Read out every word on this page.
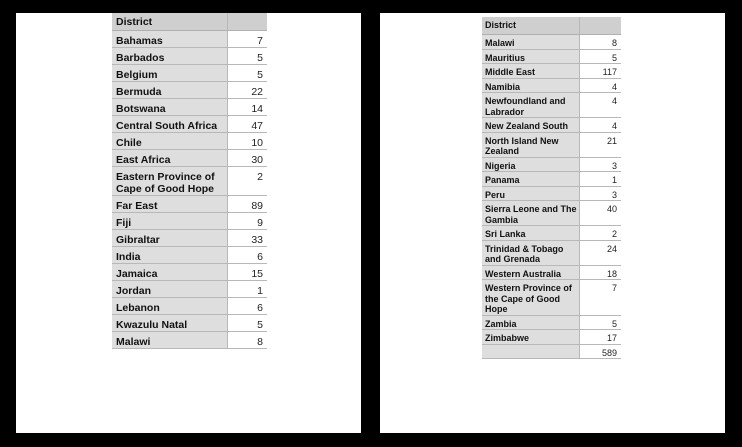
District	
Bahamas	7
Barbados	5
Belgium	5
Bermuda	22
Botswana	14
Central South Africa	47
Chile	10
East Africa	30
Eastern Province of Cape of Good Hope	2
Far East	89
Fiji	9
Gibraltar	33
India	6
Jamaica	15
Jordan	1
Lebanon	6
Kwazulu Natal	5
Malawi	8
District	
Malawi	8
Mauritius	5
Middle East	117
Namibia	4
Newfoundland and Labrador	4
New Zealand South	4
North Island New Zealand	21
Nigeria	3
Panama	1
Peru	3
Sierra Leone and The Gambia	40
Sri Lanka	2
Trinidad & Tobago and Grenada	24
Western Australia	18
Western Province of the Cape of Good Hope	7
Zambia	5
Zimbabwe	17
	589
